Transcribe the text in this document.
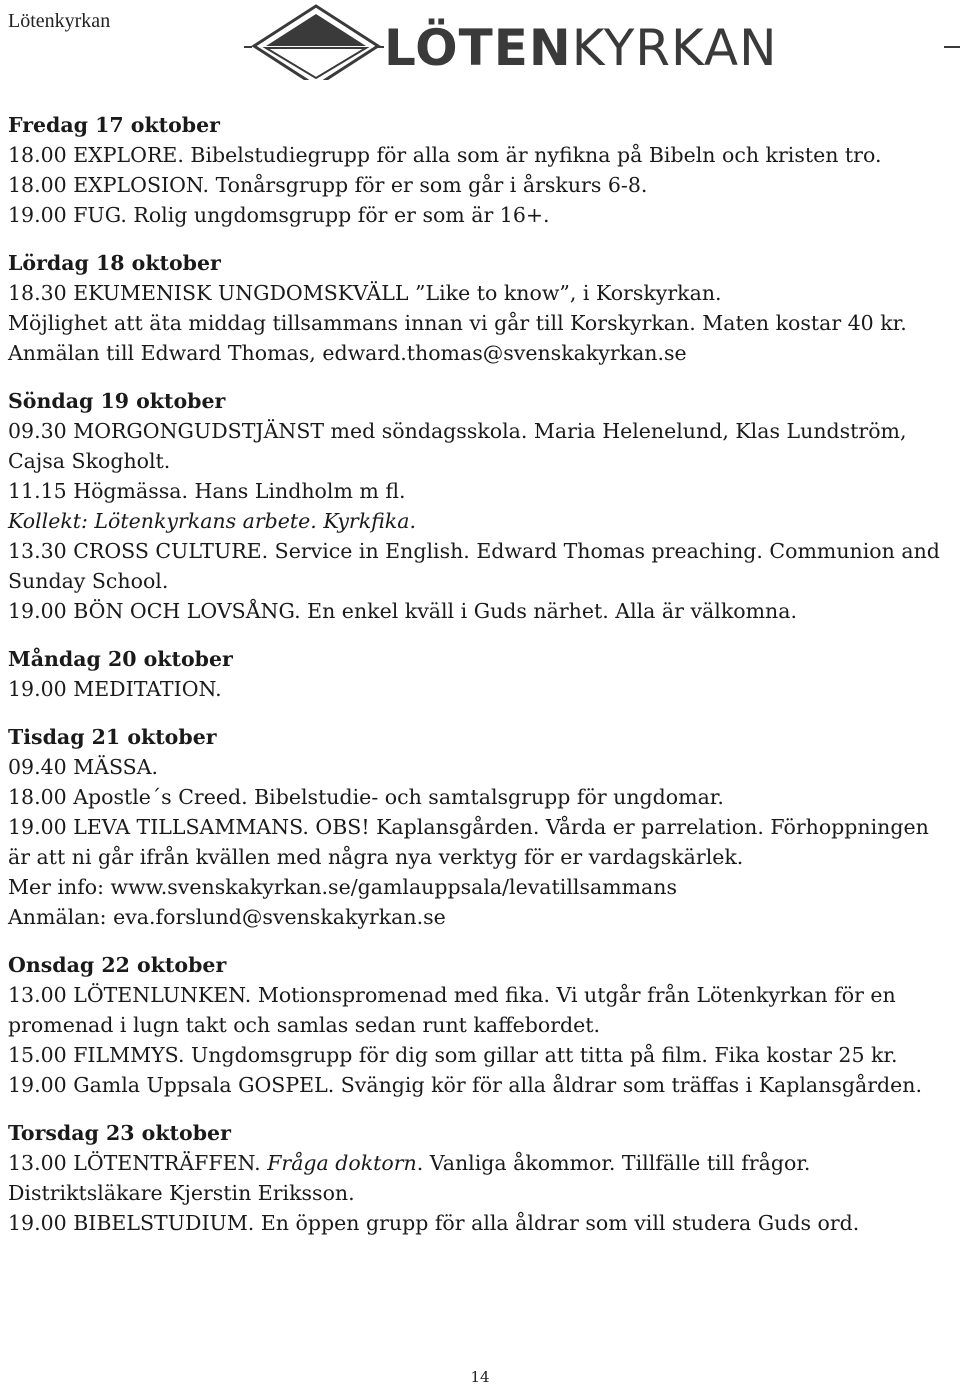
Lötenkyrkan	LÖTENKYRKAN
Fredag 17 oktober
18.00 EXPLORE. Bibelstudiegrupp för alla som är nyfikna på Bibeln och kristen tro.
18.00 EXPLOSION. Tonårsgrupp för er som går i årskurs 6-8.
19.00 FUG. Rolig ungdomsgrupp för er som är 16+.
Lördag 18 oktober
18.30 EKUMENISK UNGDOMSKVÄLL ”Like to know”, i Korskyrkan.
Möjlighet att äta middag tillsammans innan vi går till Korskyrkan. Maten kostar 40 kr.
Anmälan till Edward Thomas, edward.thomas@svenskakyrkan.se
Söndag 19 oktober
09.30 MORGONGUDSTJÄNST med söndagsskola. Maria Helenelund, Klas Lundström, Cajsa Skogholt.
11.15 Högmässa. Hans Lindholm m fl.
Kollekt: Lötenkyrkans arbete. Kyrkfika.
13.30 CROSS CULTURE. Service in English. Edward Thomas preaching. Communion and Sunday School.
19.00 BÖN OCH LOVSÅNG. En enkel kväll i Guds närhet. Alla är välkomna.
Måndag 20 oktober
19.00 MEDITATION.
Tisdag 21 oktober
09.40 MÄSSA.
18.00 Apostle´s Creed. Bibelstudie- och samtalsgrupp för ungdomar.
19.00 LEVA TILLSAMMANS. OBS! Kaplansgården. Vårda er parrelation. Förhoppningen är att ni går ifrån kvällen med några nya verktyg för er vardagskärlek.
Mer info: www.svenskakyrkan.se/gamlauppsala/levatillsammans
Anmälan: eva.forslund@svenskakyrkan.se
Onsdag 22 oktober
13.00 LÖTENLUNKEN. Motionspromenad med fika. Vi utgår från Lötenkyrkan för en promenad i lugn takt och samlas sedan runt kaffebordet.
15.00 FILMMYS. Ungdomsgrupp för dig som gillar att titta på film. Fika kostar 25 kr.
19.00 Gamla Uppsala GOSPEL. Svängig kör för alla åldrar som träffas i Kaplansgården.
Torsdag 23 oktober
13.00 LÖTENTRÄFFEN. Fråga doktorn. Vanliga åkommor. Tillfälle till frågor. Distriktsläkare Kjerstin Eriksson.
19.00 BIBELSTUDIUM. En öppen grupp för alla åldrar som vill studera Guds ord.
14
